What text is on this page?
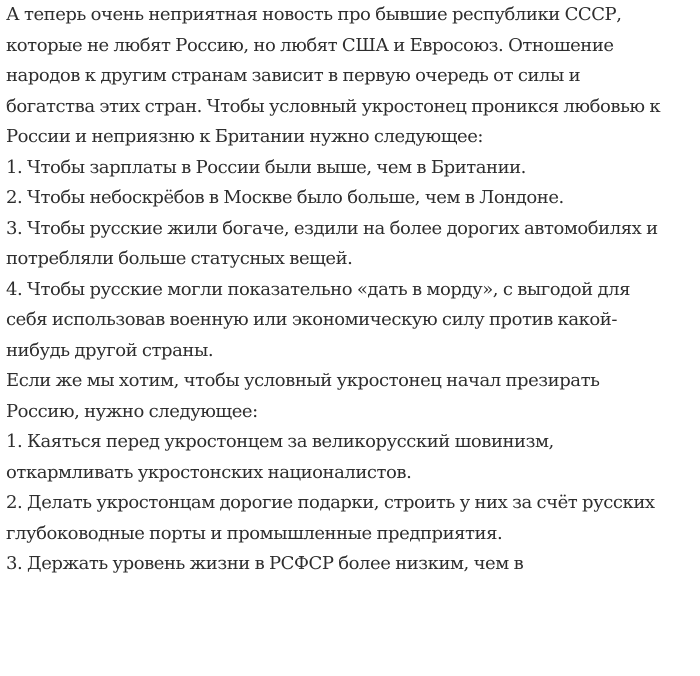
А теперь очень неприятная новость про бывшие республики СССР,
которые не любят Россию, но любят США и Евросоюз. Отношение
народов к другим странам зависит в первую очередь от силы и
богатства этих стран. Чтобы условный укростонец проникся любовью к
России и неприязню к Британии нужно следующее:

1. Чтобы зарплаты в России были выше, чем в Британии.
2. Чтобы небоскрёбов в Москве было больше, чем в Лондоне.
3. Чтобы русские жили богаче, ездили на более дорогих автомобилях и
потребляли больше статусных вещей.
4. Чтобы русские могли показательно «дать в морду», с выгодой для
себя использовав военную или экономическую силу против какой-
нибудь другой страны.

Если же мы хотим, чтобы условный укростонец начал презирать
Россию, нужно следующее:

1. Каяться перед укростонцем за великорусский шовинизм,
откармливать укростонских националистов.
2. Делать укростонцам дорогие подарки, строить у них за счёт русских
глубоководные порты и промышленные предприятия.
3. Держать уровень жизни в РСФСР более низким, чем в
